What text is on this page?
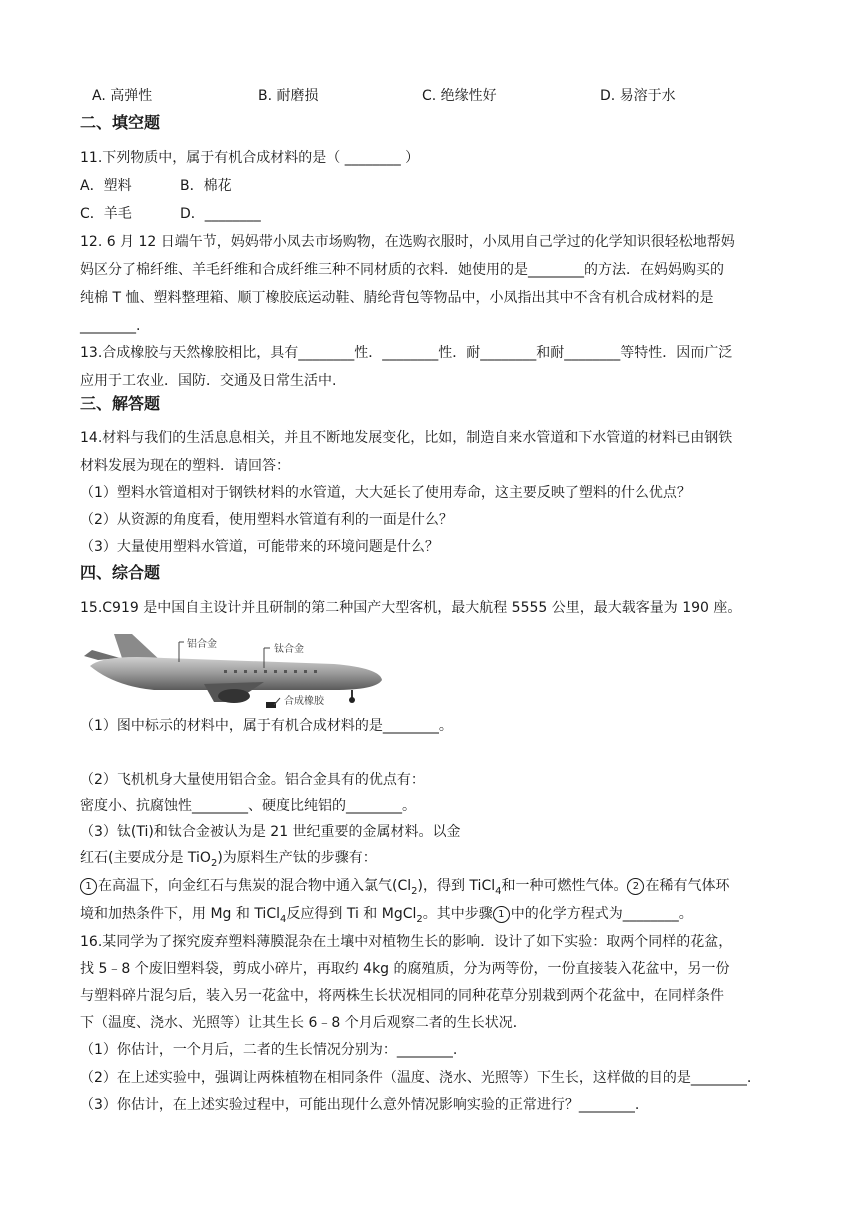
A. 高弹性	B. 耐磨损	C. 绝缘性好	D. 易溶于水
二、填空题
11.下列物质中，属于有机合成材料的是（ ________ ）
A．塑料	B．棉花
C．羊毛	D．________
12. 6 月 12 日端午节，妈妈带小凤去市场购物，在选购衣服时，小凤用自己学过的化学知识很轻松地帮妈
妈区分了棉纤维、羊毛纤维和合成纤维三种不同材质的衣料．她使用的是________的方法．在妈妈购买的
纯棉 T 恤、塑料整理箱、顺丁橡胶底运动鞋、腈纶背包等物品中，小凤指出其中不含有机合成材料的是
________.
13.合成橡胶与天然橡胶相比，具有________性．________性．耐________和耐________等特性．因而广泛
应用于工农业．国防．交通及日常生活中.
三、解答题
14.材料与我们的生活息息相关，并且不断地发展变化，比如，制造自来水管道和下水管道的材料已由钢铁
材料发展为现在的塑料．请回答：
（1）塑料水管道相对于钢铁材料的水管道，大大延长了使用寿命，这主要反映了塑料的什么优点？
（2）从资源的角度看，使用塑料水管道有利的一面是什么？
（3）大量使用塑料水管道，可能带来的环境问题是什么？
四、综合题
15.C919 是中国自主设计并且研制的第二种国产大型客机，最大航程 5555 公里，最大载客量为 190 座。
铝合金	钛合金
合成橡胶
（1）图中标示的材料中，属于有机合成材料的是________。
（2）飞机机身大量使用铝合金。铝合金具有的优点有：
密度小、抗腐蚀性________、硬度比纯铝的________。
（3）钛(Ti)和钛合金被认为是 21 世纪重要的金属材料。以金
红石(主要成分是 TiO$_2$)为原料生产钛的步骤有：
1 在高温下，向金红石与焦炭的混合物中通入氯气$(Cl_2)$，得到 TiCl$_4$和一种可燃性气体。 2 在稀有气体环
境和加热条件下，用 Mg 和 TiCl$_4$反应得到 Ti 和 MgCl$_2$。其中步骤 1 中的化学方程式为________。
16.某同学为了探究废弃塑料薄膜混杂在土壤中对植物生长的影响．设计了如下实验：取两个同样的花盆，
找 5﹣8 个废旧塑料袋，剪成小碎片，再取约 4kg 的腐殖质，分为两等份，一份直接装入花盆中，另一份
与塑料碎片混匀后，装入另一花盆中，将两株生长状况相同的同种花草分别栽到两个花盆中，在同样条件
下（温度、浇水、光照等）让其生长 6﹣8 个月后观察二者的生长状况．
（1）你估计，一个月后，二者的生长情况分别为：________.
（2）在上述实验中，强调让两株植物在相同条件（温度、浇水、光照等）下生长，这样做的目的是________.
（3）你估计，在上述实验过程中，可能出现什么意外情况影响实验的正常进行？________.
